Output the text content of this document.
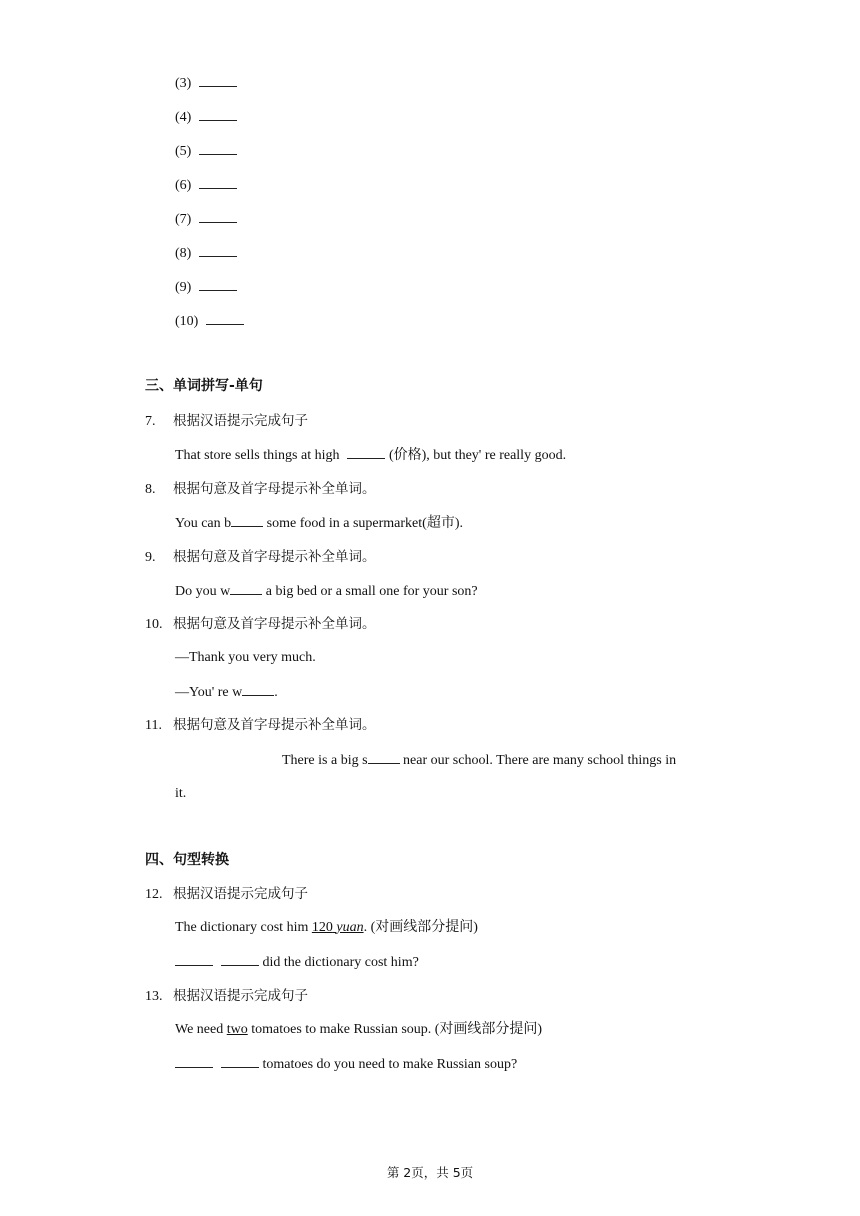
(3)
(4)
(5)
(6)
(7)
(8)
(9)
(10)
三、单词拼写-单句
7. 根据汉语提示完成句子
That store sells things at high	(价格), but they' re really good.
8. 根据句意及首字母提示补全单词。
You can b	some food in a supermarket(超市).
9. 根据句意及首字母提示补全单词。
Do you w	a big bed or a small one for your son?
10. 根据句意及首字母提示补全单词。
—Thank you very much.
—You' re w .
11. 根据句意及首字母提示补全单词。
There is a big s	near our school. There are many school things in
it.
四、句型转换
12. 根据汉语提示完成句子
The dictionary cost him 120 yuan. (对画线部分提问)
did the dictionary cost him?
13. 根据汉语提示完成句子
We need two tomatoes to make Russian soup. (对画线部分提问)
tomatoes do you need to make Russian soup?
第 2页，共 5页
